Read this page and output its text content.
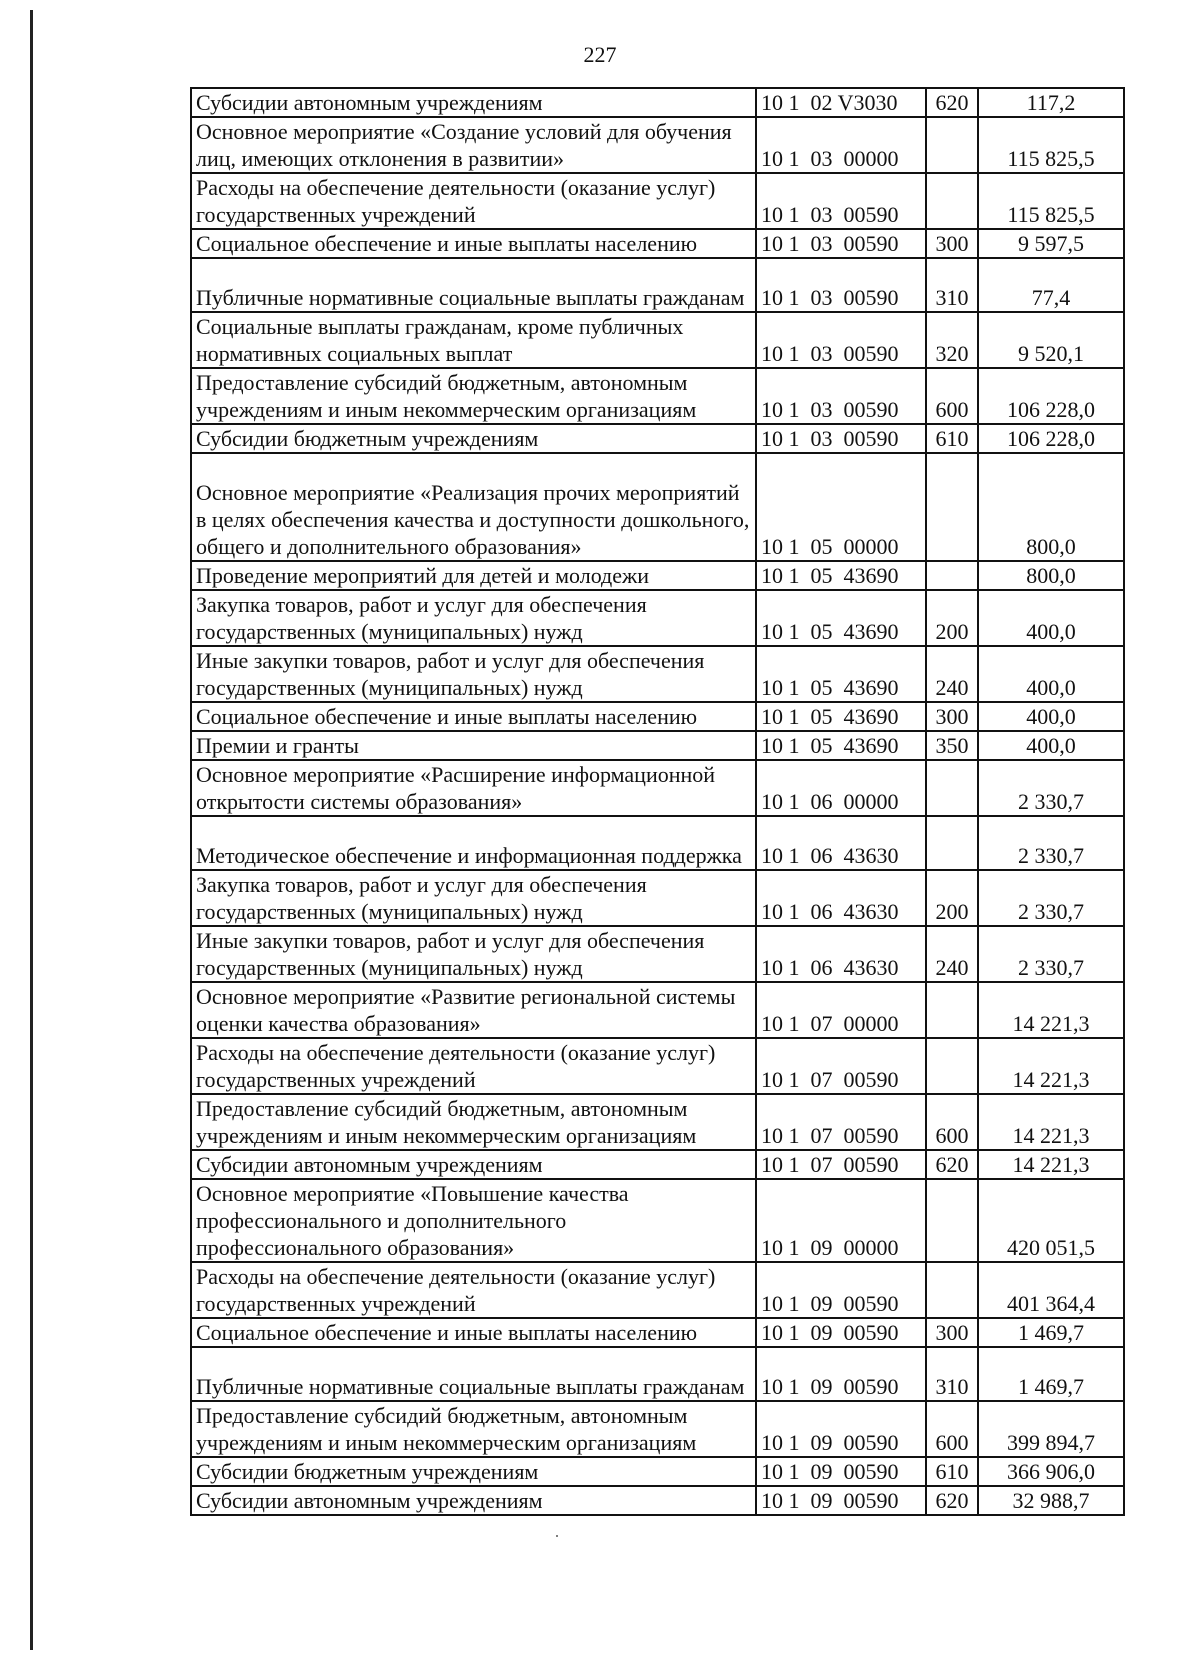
227
Субсидии автономным учреждениям	10 1  02 V3030	620	117,2
Основное мероприятие «Создание условий для обучения лиц, имеющих отклонения в развитии»	10 1  03  00000		115 825,5
Расходы на обеспечение деятельности (оказание услуг) государственных учреждений	10 1  03  00590		115 825,5
Социальное обеспечение и иные выплаты населению	10 1  03  00590	300	9 597,5
Публичные нормативные социальные выплаты гражданам	10 1  03  00590	310	77,4
Социальные выплаты гражданам, кроме публичных нормативных социальных выплат	10 1  03  00590	320	9 520,1
Предоставление субсидий бюджетным, автономным учреждениям и иным некоммерческим организациям	10 1  03  00590	600	106 228,0
Субсидии бюджетным учреждениям	10 1  03  00590	610	106 228,0
Основное мероприятие «Реализация прочих мероприятий в целях обеспечения качества и доступности дошкольного, общего и дополнительного образования»	10 1  05  00000		800,0
Проведение мероприятий для детей и молодежи	10 1  05  43690		800,0
Закупка товаров, работ и услуг для обеспечения государственных (муниципальных) нужд	10 1  05  43690	200	400,0
Иные закупки товаров, работ и услуг для обеспечения государственных (муниципальных) нужд	10 1  05  43690	240	400,0
Социальное обеспечение и иные выплаты населению	10 1  05  43690	300	400,0
Премии и гранты	10 1  05  43690	350	400,0
Основное мероприятие «Расширение информационной открытости системы образования»	10 1  06  00000		2 330,7
Методическое обеспечение и информационная поддержка	10 1  06  43630		2 330,7
Закупка товаров, работ и услуг для обеспечения государственных (муниципальных) нужд	10 1  06  43630	200	2 330,7
Иные закупки товаров, работ и услуг для обеспечения государственных (муниципальных) нужд	10 1  06  43630	240	2 330,7
Основное мероприятие «Развитие региональной системы оценки качества образования»	10 1  07  00000		14 221,3
Расходы на обеспечение деятельности (оказание услуг) государственных учреждений	10 1  07  00590		14 221,3
Предоставление субсидий бюджетным, автономным учреждениям и иным некоммерческим организациям	10 1  07  00590	600	14 221,3
Субсидии автономным учреждениям	10 1  07  00590	620	14 221,3
Основное мероприятие «Повышение качества профессионального и дополнительного профессионального образования»	10 1  09  00000		420 051,5
Расходы на обеспечение деятельности (оказание услуг) государственных учреждений	10 1  09  00590		401 364,4
Социальное обеспечение и иные выплаты населению	10 1  09  00590	300	1 469,7
Публичные нормативные социальные выплаты гражданам	10 1  09  00590	310	1 469,7
Предоставление субсидий бюджетным, автономным учреждениям и иным некоммерческим организациям	10 1  09  00590	600	399 894,7
Субсидии бюджетным учреждениям	10 1  09  00590	610	366 906,0
Субсидии автономным учреждениям	10 1  09  00590	620	32 988,7
